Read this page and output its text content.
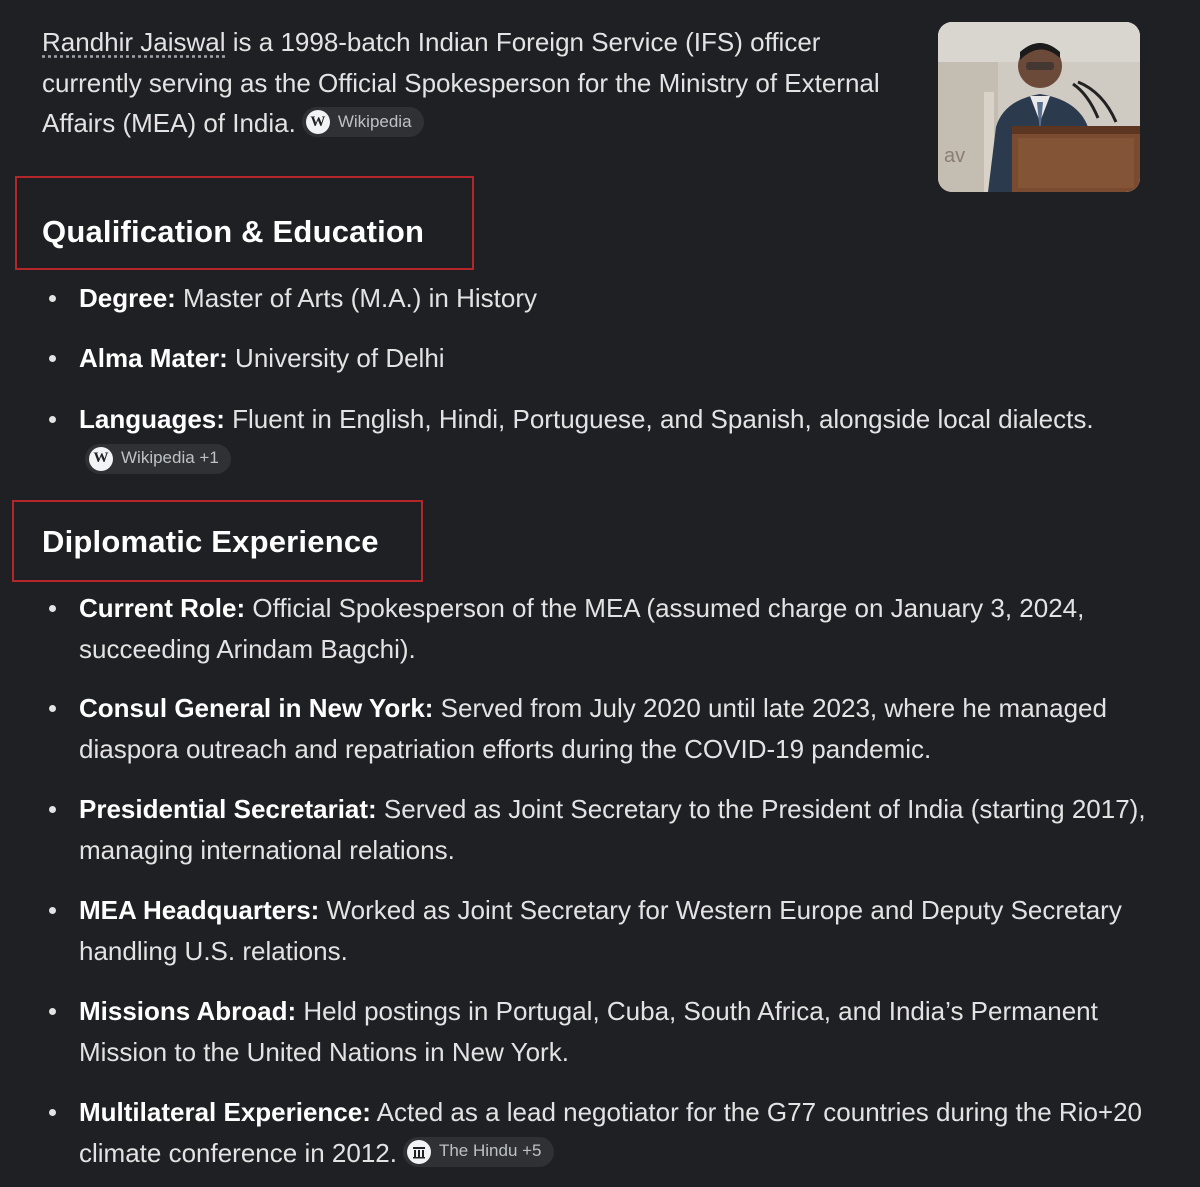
Randhir Jaiswal is a 1998-batch Indian Foreign Service (IFS) officer currently serving as the Official Spokesperson for the Ministry of External Affairs (MEA) of India. W Wikipedia
av
Qualification & Education
Degree: Master of Arts (M.A.) in History
Alma Mater: University of Delhi
Languages: Fluent in English, Hindi, Portuguese, and Spanish, alongside local dialects.
W Wikipedia +1
Diplomatic Experience
Current Role: Official Spokesperson of the MEA (assumed charge on January 3, 2024, succeeding Arindam Bagchi).
Consul General in New York: Served from July 2020 until late 2023, where he managed diaspora outreach and repatriation efforts during the COVID-19 pandemic.
Presidential Secretariat: Served as Joint Secretary to the President of India (starting 2017), managing international relations.
MEA Headquarters: Worked as Joint Secretary for Western Europe and Deputy Secretary handling U.S. relations.
Missions Abroad: Held postings in Portugal, Cuba, South Africa, and India’s Permanent Mission to the United Nations in New York.
Multilateral Experience: Acted as a lead negotiator for the G77 countries during the Rio+20 climate conference in 2012. The Hindu +5
